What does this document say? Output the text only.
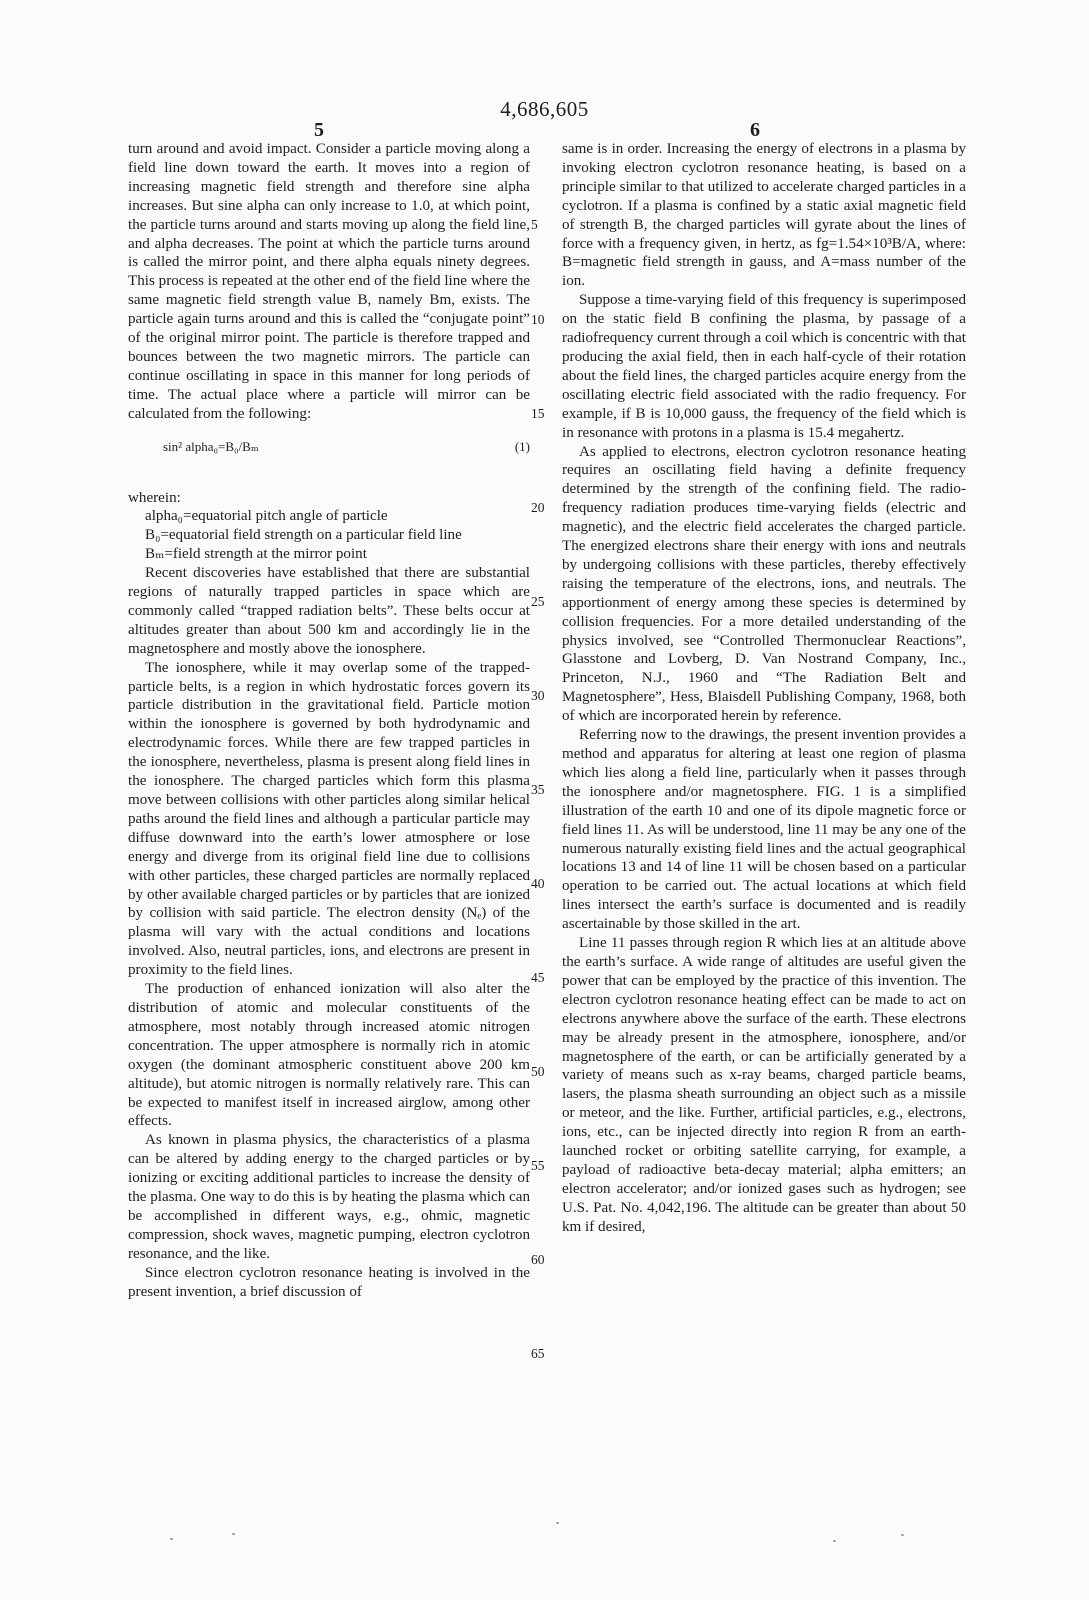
4,686,605
5	6

turn around and avoid impact. Consider a particle moving along a field line down toward the earth. It moves into a region of increasing magnetic field strength and therefore sine alpha increases. But sine alpha can only increase to 1.0, at which point, the particle turns around and starts moving up along the field line, and alpha decreases. The point at which the particle turns around is called the mirror point, and there alpha equals ninety degrees. This process is repeated at the other end of the field line where the same magnetic field strength value B, namely Bm, exists. The particle again turns around and this is called the “conjugate point” of the original mirror point. The particle is therefore trapped and bounces between the two magnetic mirrors. The particle can continue oscillating in space in this manner for long periods of time. The actual place where a particle will mirror can be calculated from the following:

sin² alpha₀=B₀/Bₘ	(1)

wherein:

alpha₀=equatorial pitch angle of particle

B₀=equatorial field strength on a particular field line

Bₘ=field strength at the mirror point

Recent discoveries have established that there are substantial regions of naturally trapped particles in space which are commonly called “trapped radiation belts”. These belts occur at altitudes greater than about 500 km and accordingly lie in the magnetosphere and mostly above the ionosphere.

The ionosphere, while it may overlap some of the trapped-particle belts, is a region in which hydrostatic forces govern its particle distribution in the gravitational field. Particle motion within the ionosphere is governed by both hydrodynamic and electrodynamic forces. While there are few trapped particles in the ionosphere, nevertheless, plasma is present along field lines in the ionosphere. The charged particles which form this plasma move between collisions with other particles along similar helical paths around the field lines and although a particular particle may diffuse downward into the earth’s lower atmosphere or lose energy and diverge from its original field line due to collisions with other particles, these charged particles are normally replaced by other available charged particles or by particles that are ionized by collision with said particle. The electron density (Nₑ) of the plasma will vary with the actual conditions and locations involved. Also, neutral particles, ions, and electrons are present in proximity to the field lines.

The production of enhanced ionization will also alter the distribution of atomic and molecular constituents of the atmosphere, most notably through increased atomic nitrogen concentration. The upper atmosphere is normally rich in atomic oxygen (the dominant atmospheric constituent above 200 km altitude), but atomic nitrogen is normally relatively rare. This can be expected to manifest itself in increased airglow, among other effects.

As known in plasma physics, the characteristics of a plasma can be altered by adding energy to the charged particles or by ionizing or exciting additional particles to increase the density of the plasma. One way to do this is by heating the plasma which can be accomplished in different ways, e.g., ohmic, magnetic compression, shock waves, magnetic pumping, electron cyclotron resonance, and the like.

Since electron cyclotron resonance heating is involved in the present invention, a brief discussion of

5
10
15
20
25
30
35
40
45
50
55
60
65

same is in order. Increasing the energy of electrons in a plasma by invoking electron cyclotron resonance heating, is based on a principle similar to that utilized to accelerate charged particles in a cyclotron. If a plasma is confined by a static axial magnetic field of strength B, the charged particles will gyrate about the lines of force with a frequency given, in hertz, as fg=1.54×10³B/A, where: B=magnetic field strength in gauss, and A=mass number of the ion.

Suppose a time-varying field of this frequency is superimposed on the static field B confining the plasma, by passage of a radiofrequency current through a coil which is concentric with that producing the axial field, then in each half-cycle of their rotation about the field lines, the charged particles acquire energy from the oscillating electric field associated with the radio frequency. For example, if B is 10,000 gauss, the frequency of the field which is in resonance with protons in a plasma is 15.4 megahertz.

As applied to electrons, electron cyclotron resonance heating requires an oscillating field having a definite frequency determined by the strength of the confining field. The radio-frequency radiation produces time-varying fields (electric and magnetic), and the electric field accelerates the charged particle. The energized electrons share their energy with ions and neutrals by undergoing collisions with these particles, thereby effectively raising the temperature of the electrons, ions, and neutrals. The apportionment of energy among these species is determined by collision frequencies. For a more detailed understanding of the physics involved, see “Controlled Thermonuclear Reactions”, Glasstone and Lovberg, D. Van Nostrand Company, Inc., Princeton, N.J., 1960 and “The Radiation Belt and Magnetosphere”, Hess, Blaisdell Publishing Company, 1968, both of which are incorporated herein by reference.

Referring now to the drawings, the present invention provides a method and apparatus for altering at least one region of plasma which lies along a field line, particularly when it passes through the ionosphere and/or magnetosphere. FIG. 1 is a simplified illustration of the earth 10 and one of its dipole magnetic force or field lines 11. As will be understood, line 11 may be any one of the numerous naturally existing field lines and the actual geographical locations 13 and 14 of line 11 will be chosen based on a particular operation to be carried out. The actual locations at which field lines intersect the earth’s surface is documented and is readily ascertainable by those skilled in the art.

Line 11 passes through region R which lies at an altitude above the earth’s surface. A wide range of altitudes are useful given the power that can be employed by the practice of this invention. The electron cyclotron resonance heating effect can be made to act on electrons anywhere above the surface of the earth. These electrons may be already present in the atmosphere, ionosphere, and/or magnetosphere of the earth, or can be artificially generated by a variety of means such as x-ray beams, charged particle beams, lasers, the plasma sheath surrounding an object such as a missile or meteor, and the like. Further, artificial particles, e.g., electrons, ions, etc., can be injected directly into region R from an earth-launched rocket or orbiting satellite carrying, for example, a payload of radioactive beta-decay material; alpha emitters; an electron accelerator; and/or ionized gases such as hydrogen; see U.S. Pat. No. 4,042,196. The altitude can be greater than about 50 km if desired,
